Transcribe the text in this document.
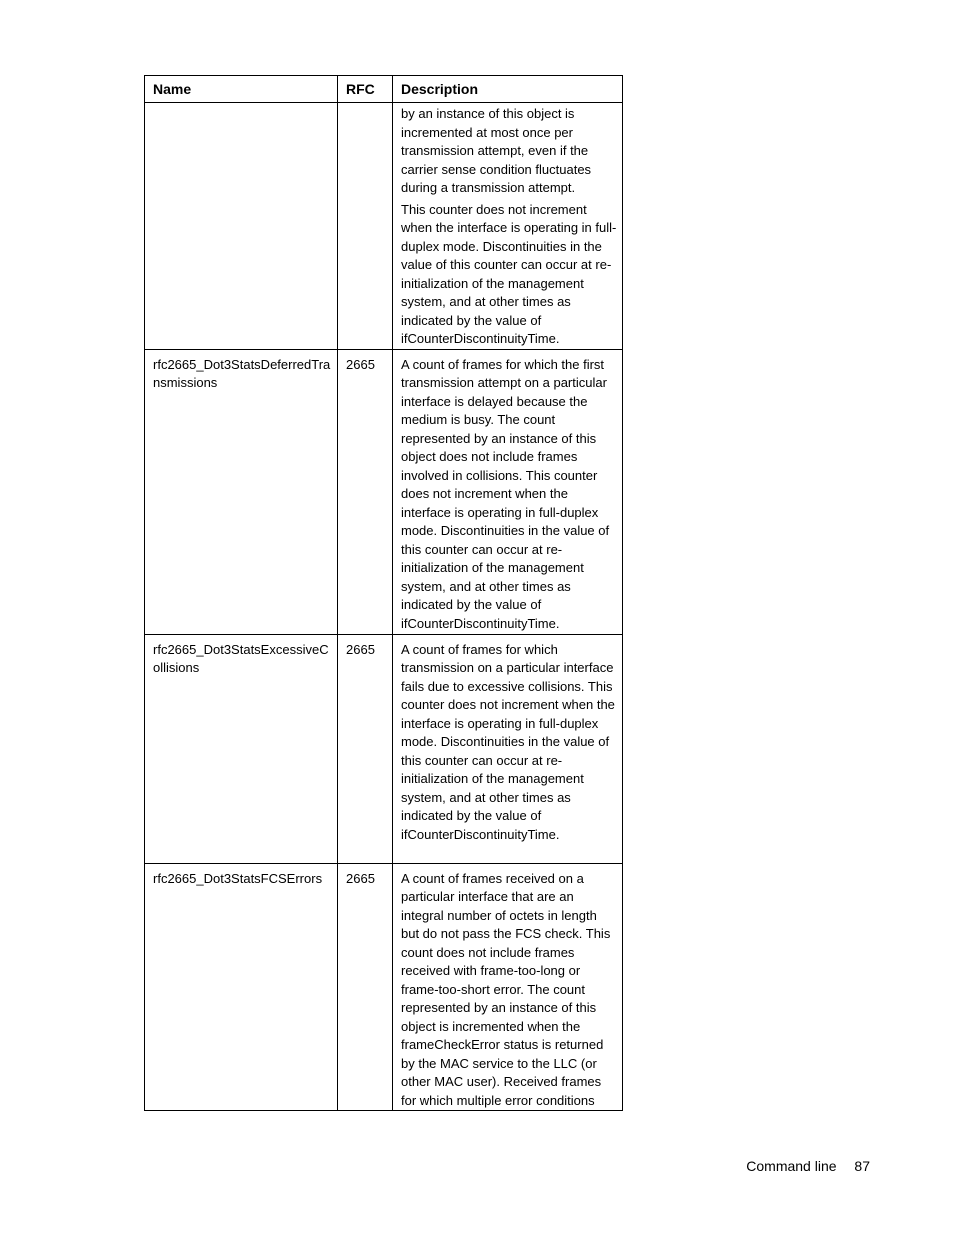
Name	RFC	Description

		by an instance of this object is incremented at most once per transmission attempt, even if the carrier sense condition fluctuates during a transmission attempt.

This counter does not increment when the interface is operating in full-duplex mode. Discontinuities in the value of this counter can occur at re-initialization of the management system, and at other times as indicated by the value of ifCounterDiscontinuityTime.

rfc2665_Dot3StatsDeferredTransmissions	2665	A count of frames for which the first transmission attempt on a particular interface is delayed because the medium is busy. The count represented by an instance of this object does not include frames involved in collisions. This counter does not increment when the interface is operating in full-duplex mode. Discontinuities in the value of this counter can occur at re-initialization of the management system, and at other times as indicated by the value of ifCounterDiscontinuityTime.
rfc2665_Dot3StatsExcessiveCollisions	2665	A count of frames for which transmission on a particular interface fails due to excessive collisions. This counter does not increment when the interface is operating in full-duplex mode. Discontinuities in the value of this counter can occur at re-initialization of the management system, and at other times as indicated by the value of ifCounterDiscontinuityTime.
rfc2665_Dot3StatsFCSErrors	2665	A count of frames received on a particular interface that are an integral number of octets in length but do not pass the FCS check. This count does not include frames received with frame-too-long or frame-too-short error. The count represented by an instance of this object is incremented when the frameCheckError status is returned by the MAC service to the LLC (or other MAC user). Received frames for which multiple error conditions
Command line 87
